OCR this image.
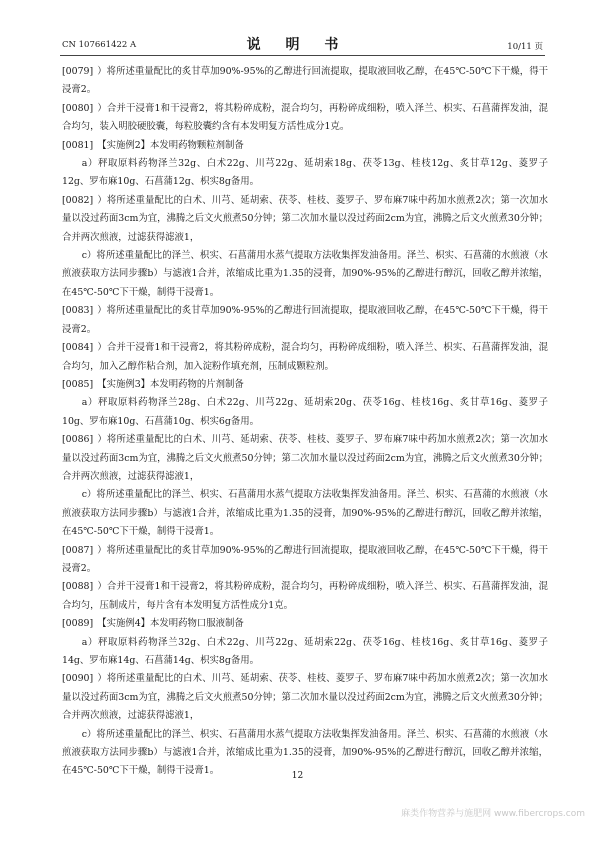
CN 107661422 A	说 明 书	10/11 页

[0079] ）将所述重量配比的炙甘草加90%-95%的乙醇进行回流提取，提取液回收乙醇，在45℃-50℃下干燥，得干浸膏2。

[0080] ）合并干浸膏1和干浸膏2，将其粉碎成粉，混合均匀，再粉碎成细粉，喷入泽兰、枳实、石菖蒲挥发油，混合均匀，装入明胶硬胶囊，每粒胶囊约含有本发明复方活性成分1克。

[0081] 【实施例2】本发明药物颗粒剂制备

a）秤取原料药物泽兰32g、白术22g、川芎22g、延胡索18g、茯苓13g、桂枝12g、炙甘草12g、菱罗子12g、罗布麻10g、石菖蒲12g、枳实8g备用。

[0082] ）将所述重量配比的白术、川芎、延胡索、茯苓、桂枝、菱罗子、罗布麻7味中药加水煎煮2次；第一次加水量以没过药面3cm为宜，沸腾之后文火煎煮50分钟；第二次加水量以没过药面2cm为宜，沸腾之后文火煎煮30分钟；合并两次煎液，过滤获得滤液1，

c）将所述重量配比的泽兰、枳实、石菖蒲用水蒸气提取方法收集挥发油备用。泽兰、枳实、石菖蒲的水煎液（水煎液获取方法同步骤b）与滤液1合并，浓缩成比重为1.35的浸膏，加90%-95%的乙醇进行醇沉，回收乙醇并浓缩，在45℃-50℃下干燥，制得干浸膏1。

[0083] ）将所述重量配比的炙甘草加90%-95%的乙醇进行回流提取，提取液回收乙醇，在45℃-50℃下干燥，得干浸膏2。

[0084] ）合并干浸膏1和干浸膏2，将其粉碎成粉，混合均匀，再粉碎成细粉，喷入泽兰、枳实、石菖蒲挥发油，混合均匀，加入乙醇作粘合剂，加入淀粉作填充剂，压制成颗粒剂。

[0085] 【实施例3】本发明药物的片剂制备

a）秤取原料药物泽兰28g、白术22g、川芎22g、延胡索20g、茯苓16g、桂枝16g、炙甘草16g、菱罗子10g、罗布麻10g、石菖蒲10g、枳实6g备用。

[0086] ）将所述重量配比的白术、川芎、延胡索、茯苓、桂枝、菱罗子、罗布麻7味中药加水煎煮2次；第一次加水量以没过药面3cm为宜，沸腾之后文火煎煮50分钟；第二次加水量以没过药面2cm为宜，沸腾之后文火煎煮30分钟；合并两次煎液，过滤获得滤液1，

c）将所述重量配比的泽兰、枳实、石菖蒲用水蒸气提取方法收集挥发油备用。泽兰、枳实、石菖蒲的水煎液（水煎液获取方法同步骤b）与滤液1合并，浓缩成比重为1.35的浸膏，加90%-95%的乙醇进行醇沉，回收乙醇并浓缩，在45℃-50℃下干燥，制得干浸膏1。

[0087] ）将所述重量配比的炙甘草加90%-95%的乙醇进行回流提取，提取液回收乙醇，在45℃-50℃下干燥，得干浸膏2。

[0088] ）合并干浸膏1和干浸膏2，将其粉碎成粉，混合均匀，再粉碎成细粉，喷入泽兰、枳实、石菖蒲挥发油，混合均匀，压制成片，每片含有本发明复方活性成分1克。

[0089] 【实施例4】本发明药物口服液制备

a）秤取原料药物泽兰32g、白术22g、川芎22g、延胡索22g、茯苓16g、桂枝16g、炙甘草16g、菱罗子14g、罗布麻14g、石菖蒲14g、枳实8g备用。

[0090] ）将所述重量配比的白术、川芎、延胡索、茯苓、桂枝、菱罗子、罗布麻7味中药加水煎煮2次；第一次加水量以没过药面3cm为宜，沸腾之后文火煎煮50分钟；第二次加水量以没过药面2cm为宜，沸腾之后文火煎煮30分钟；合并两次煎液，过滤获得滤液1，

c）将所述重量配比的泽兰、枳实、石菖蒲用水蒸气提取方法收集挥发油备用。泽兰、枳实、石菖蒲的水煎液（水煎液获取方法同步骤b）与滤液1合并，浓缩成比重为1.35的浸膏，加90%-95%的乙醇进行醇沉，回收乙醇并浓缩，在45℃-50℃下干燥，制得干浸膏1。	12
麻类作物营养与施肥网 www.fibercrops.com
